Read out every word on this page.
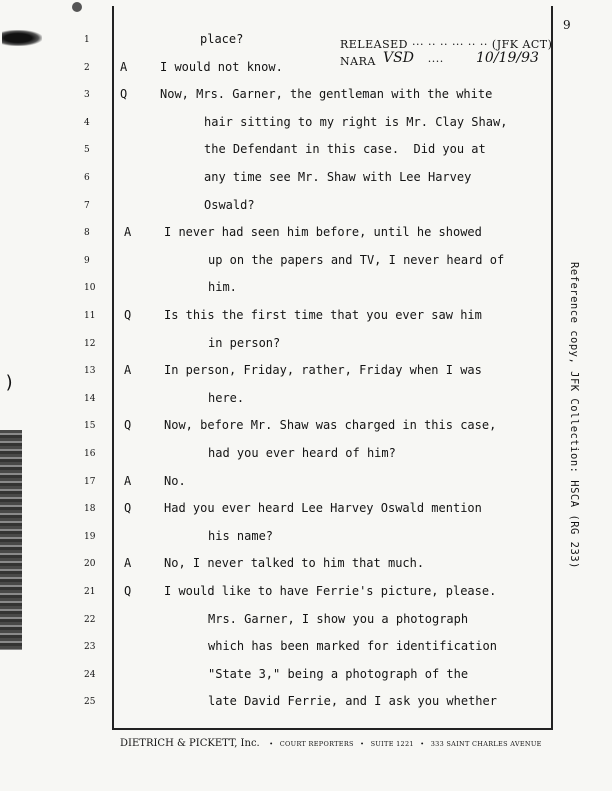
)
9
RELEASED ··· ·· ·· ··· ·· ·· (JFK ACT)
NARA	····
VSD	10/19/93
1	place?
2	A	I would not know.
3	Q	Now, Mrs. Garner, the gentleman with the white
4	hair sitting to my right is Mr. Clay Shaw,
5	the Defendant in this case.  Did you at
6	any time see Mr. Shaw with Lee Harvey
7	Oswald?
8	A	I never had seen him before, until he showed
9	up on the papers and TV, I never heard of
10	him.
11 Q	Is this the first time that you ever saw him
12	in person?
13 A	In person, Friday, rather, Friday when I was
14	here.
15 Q	Now, before Mr. Shaw was charged in this case,
16	had you ever heard of him?
17 A	No.
18 Q	Had you ever heard Lee Harvey Oswald mention
19	his name?
20 A	No, I never talked to him that much.
21 Q	I would like to have Ferrie's picture, please.
22	Mrs. Garner, I show you a photograph
23	which has been marked for identification
24	"State 3," being a photograph of the
25	late David Ferrie, and I ask you whether
Reference copy, JFK Collection: HSCA (RG 233)
DIETRICH & PICKETT, Inc. • COURT REPORTERS • SUITE 1221 • 333 SAINT CHARLES AVENUE
